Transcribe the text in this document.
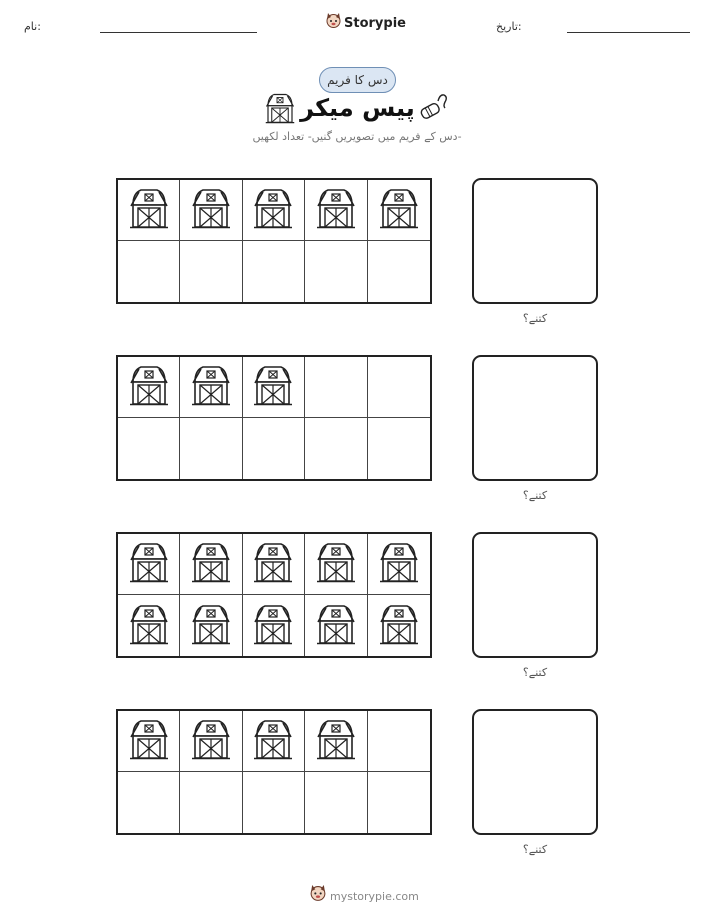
نام:	Storypie	تاریخ:
دس کا فریم
پیس میکر
دس کے فریم میں تصویریں گنیں- تعداد لکھیں-
کتنے؟
کتنے؟
کتنے؟
کتنے؟
mystorypie.com
